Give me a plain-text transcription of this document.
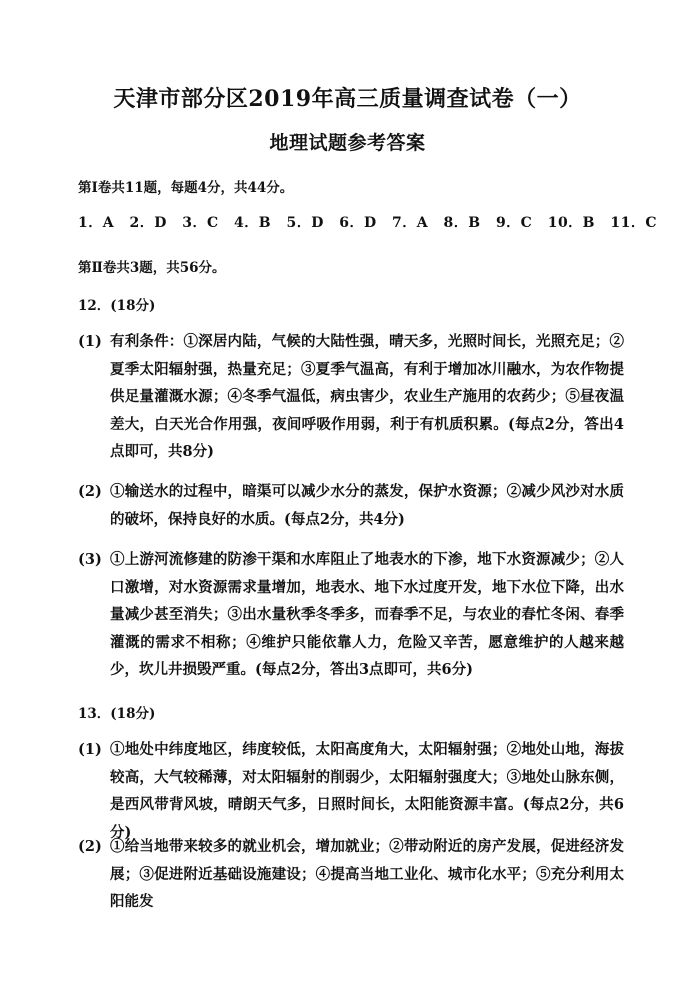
天津市部分区2019年高三质量调查试卷（一）
地理试题参考答案
第Ⅰ卷共11题，每题4分，共44分。
1．A 2．D 3．C 4．B 5．D 6．D 7．A 8．B 9．C 10．B 11．C
第Ⅱ卷共3题，共56分。
12．(18分)
(1) 有利条件：①深居内陆，气候的大陆性强，晴天多，光照时间长，光照充足；②夏季太阳辐射强，热量充足；③夏季气温高，有利于增加冰川融水，为农作物提供足量灌溉水源；④冬季气温低，病虫害少，农业生产施用的农药少；⑤昼夜温差大，白天光合作用强，夜间呼吸作用弱，利于有机质积累。(每点2分，答出4点即可，共8分)
(2) ①输送水的过程中，暗渠可以减少水分的蒸发，保护水资源；②减少风沙对水质的破坏，保持良好的水质。(每点2分，共4分)
(3) ①上游河流修建的防渗干渠和水库阻止了地表水的下渗，地下水资源减少；②人口激增，对水资源需求量增加，地表水、地下水过度开发，地下水位下降，出水量减少甚至消失；③出水量秋季冬季多，而春季不足，与农业的春忙冬闲、春季灌溉的需求不相称；④维护只能依靠人力，危险又辛苦，愿意维护的人越来越少，坎儿井损毁严重。(每点2分，答出3点即可，共6分)
13．(18分)
(1) ①地处中纬度地区，纬度较低，太阳高度角大，太阳辐射强；②地处山地，海拔较高，大气较稀薄，对太阳辐射的削弱少，太阳辐射强度大；③地处山脉东侧，是西风带背风坡，晴朗天气多，日照时间长，太阳能资源丰富。(每点2分，共6分)
(2) ①给当地带来较多的就业机会，增加就业；②带动附近的房产发展，促进经济发展；③促进附近基础设施建设；④提高当地工业化、城市化水平；⑤充分利用太阳能发
